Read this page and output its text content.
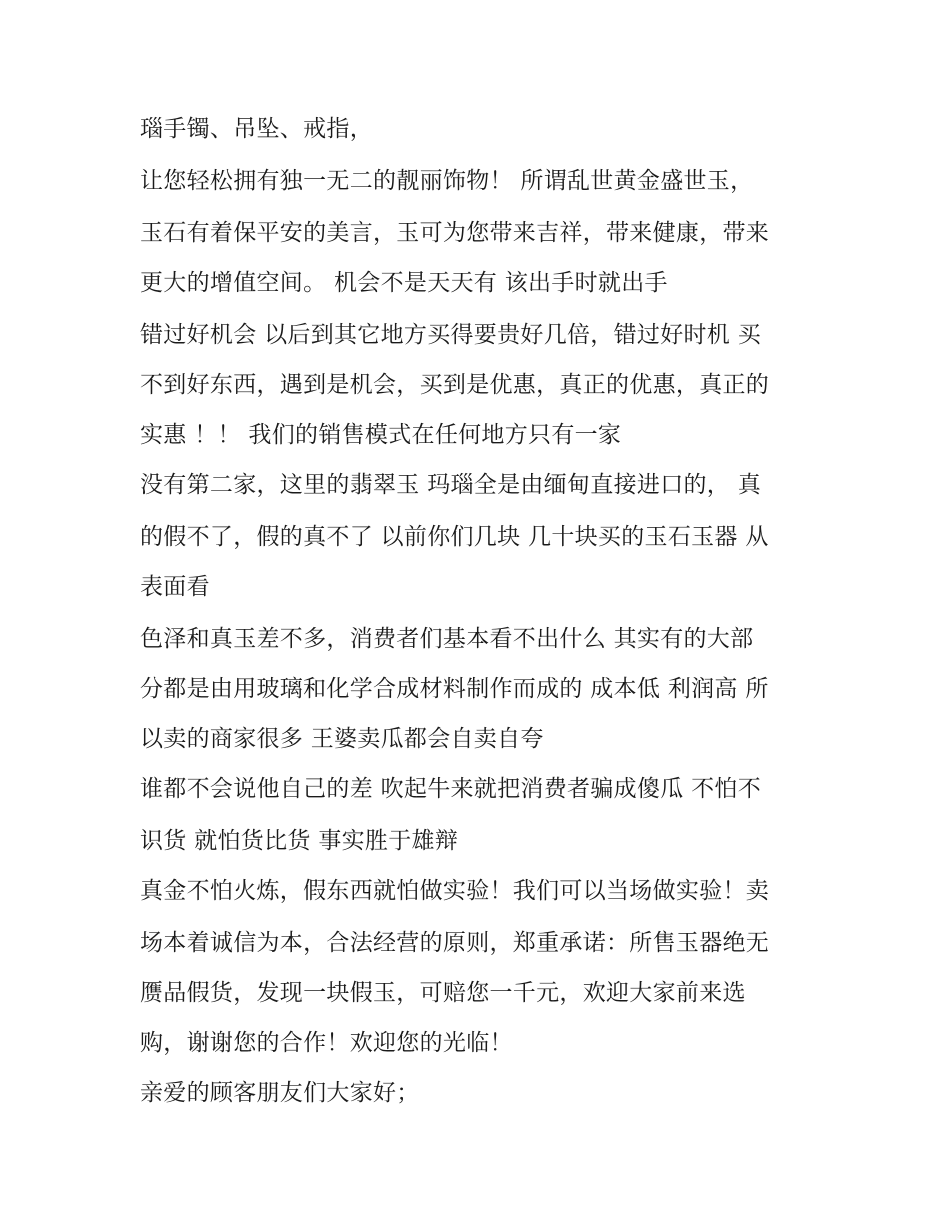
瑙手镯、吊坠、戒指，

让您轻松拥有独一无二的靓丽饰物！ 所谓乱世黄金盛世玉，

玉石有着保平安的美言，玉可为您带来吉祥，带来健康，带来

更大的增值空间。 机会不是天天有 该出手时就出手

错过好机会 以后到其它地方买得要贵好几倍，错过好时机 买

不到好东西，遇到是机会，买到是优惠，真正的优惠，真正的

实惠 ！！ 我们的销售模式在任何地方只有一家

没有第二家，这里的翡翠玉 玛瑙全是由缅甸直接进口的， 真

的假不了，假的真不了 以前你们几块 几十块买的玉石玉器 从

表面看

色泽和真玉差不多，消费者们基本看不出什么 其实有的大部

分都是由用玻璃和化学合成材料制作而成的 成本低 利润高 所

以卖的商家很多 王婆卖瓜都会自卖自夸

谁都不会说他自己的差 吹起牛来就把消费者骗成傻瓜 不怕不

识货 就怕货比货 事实胜于雄辩

真金不怕火炼，假东西就怕做实验！我们可以当场做实验！卖

场本着诚信为本，合法经营的原则，郑重承诺：所售玉器绝无

赝品假货，发现一块假玉，可赔您一千元，欢迎大家前来选

购，谢谢您的合作！欢迎您的光临！

亲爱的顾客朋友们大家好；
